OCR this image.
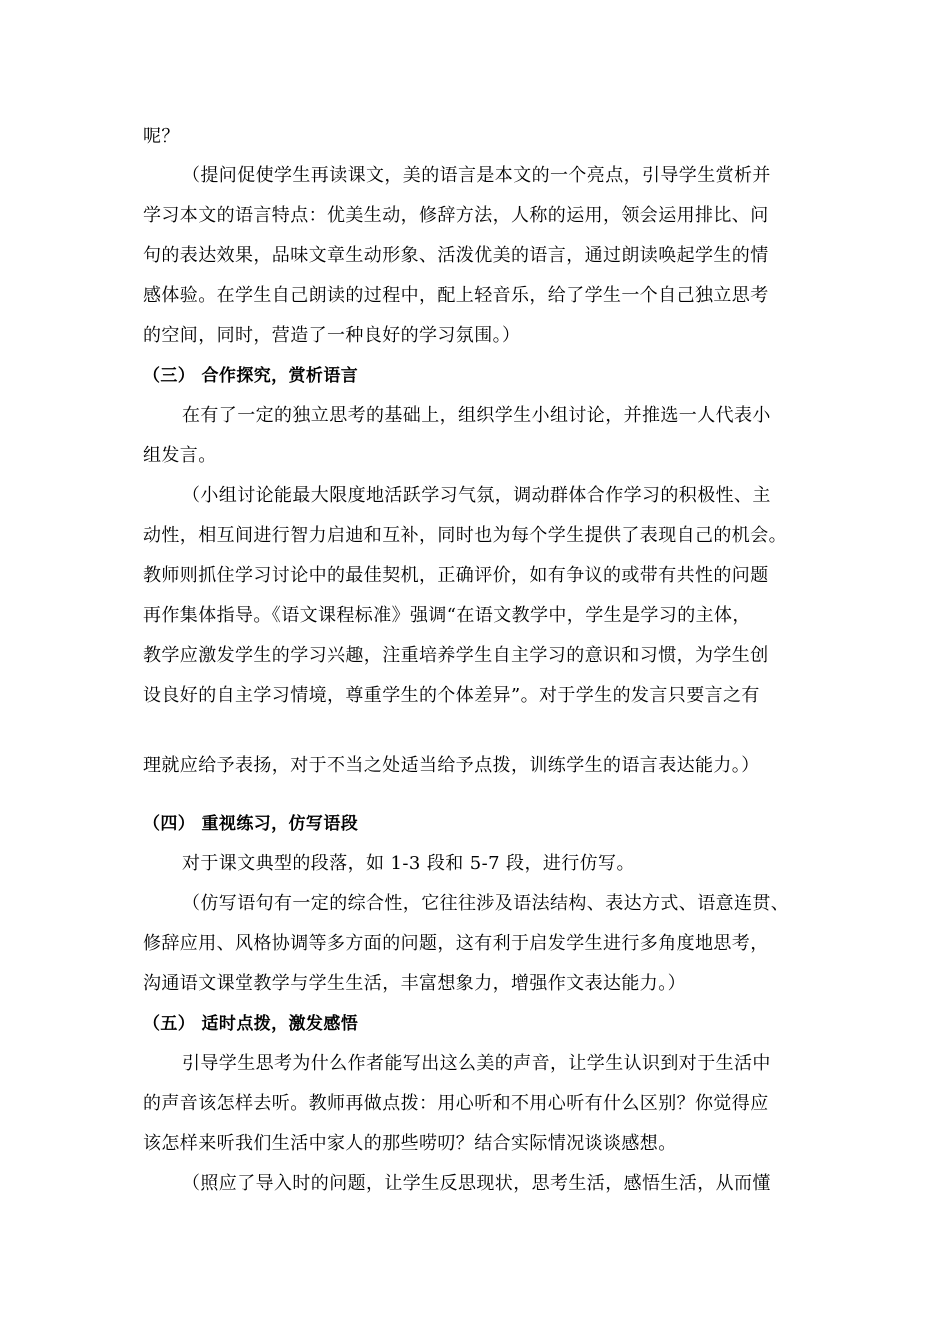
呢？
（提问促使学生再读课文，美的语言是本文的一个亮点，引导学生赏析并
学习本文的语言特点：优美生动，修辞方法，人称的运用，领会运用排比、问
句的表达效果，品味文章生动形象、活泼优美的语言，通过朗读唤起学生的情
感体验。在学生自己朗读的过程中，配上轻音乐，给了学生一个自己独立思考
的空间，同时，营造了一种良好的学习氛围。）
（三） 合作探究，赏析语言
在有了一定的独立思考的基础上，组织学生小组讨论，并推选一人代表小
组发言。
（小组讨论能最大限度地活跃学习气氛，调动群体合作学习的积极性、主
动性，相互间进行智力启迪和互补，同时也为每个学生提供了表现自己的机会。
教师则抓住学习讨论中的最佳契机，正确评价，如有争议的或带有共性的问题
再作集体指导。《语文课程标准》强调“在语文教学中，学生是学习的主体，
教学应激发学生的学习兴趣，注重培养学生自主学习的意识和习惯，为学生创
设良好的自主学习情境，尊重学生的个体差异”。对于学生的发言只要言之有
理就应给予表扬，对于不当之处适当给予点拨，训练学生的语言表达能力。）
（四） 重视练习，仿写语段
对于课文典型的段落，如 1-3 段和 5-7 段，进行仿写。
（仿写语句有一定的综合性，它往往涉及语法结构、表达方式、语意连贯、
修辞应用、风格协调等多方面的问题，这有利于启发学生进行多角度地思考，
沟通语文课堂教学与学生生活，丰富想象力，增强作文表达能力。）
（五） 适时点拨，激发感悟
引导学生思考为什么作者能写出这么美的声音，让学生认识到对于生活中
的声音该怎样去听。教师再做点拨：用心听和不用心听有什么区别？你觉得应
该怎样来听我们生活中家人的那些唠叨？结合实际情况谈谈感想。
（照应了导入时的问题，让学生反思现状，思考生活，感悟生活，从而懂
